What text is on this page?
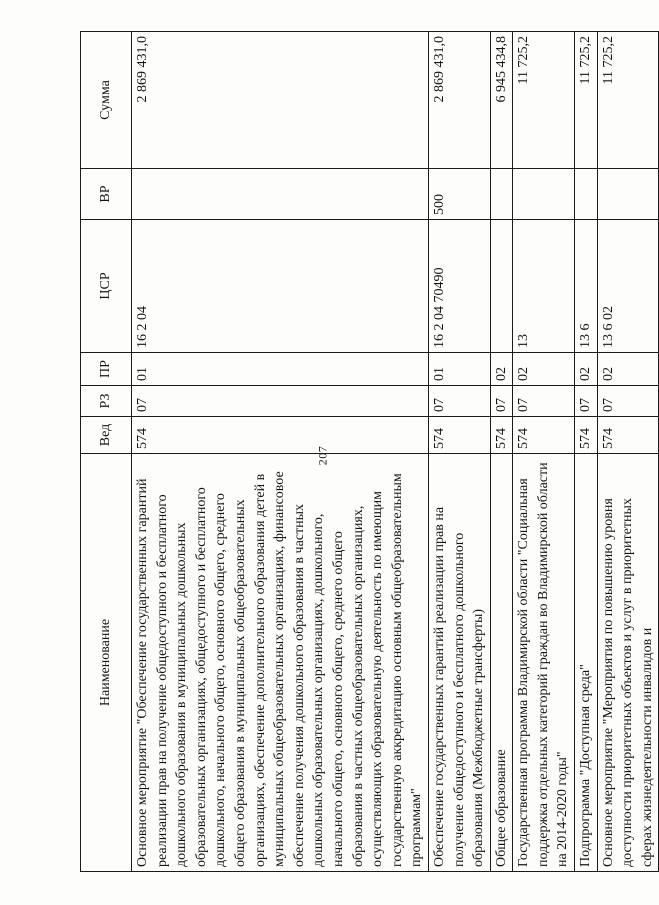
207
Наименование	Вед	РЗ	ПР	ЦСР	ВР	Сумма
Основное мероприятие "Обеспечение государственных гарантий реализации прав на получение общедоступного и бесплатного дошкольного образования в муниципальных дошкольных образовательных организациях, общедоступного и бесплатного дошкольного, начального общего, основного общего, среднего общего образования в муниципальных общеобразовательных организациях, обеспечение дополнительного образования детей в муниципальных общеобразовательных организациях, финансовое обеспечение получения дошкольного образования в частных дошкольных образовательных организациях, дошкольного, начального общего, основного общего, среднего общего образования в частных общеобразовательных организациях, осуществляющих образовательную деятельность по имеющим государственную аккредитацию основным общеобразовательным программам"	574	07	01	16 2 04		2 869 431,0
Обеспечение государственных гарантий реализации прав на получение общедоступного и бесплатного дошкольного образования (Межбюджетные трансферты)	574	07	01	16 2 04 70490	500	2 869 431,0
Общее образование	574	07	02			6 945 434,8
Государственная программа Владимирской области "Социальная поддержка отдельных категорий граждан во Владимирской области на 2014-2020 годы"	574	07	02	13		11 725,2
Подпрограмма "Доступная среда"	574	07	02	13 6		11 725,2
Основное мероприятие "Мероприятия по повышению уровня доступности приоритетных объектов и услуг в приоритетных сферах жизнедеятельности инвалидов и	574	07	02	13 6 02		11 725,2
